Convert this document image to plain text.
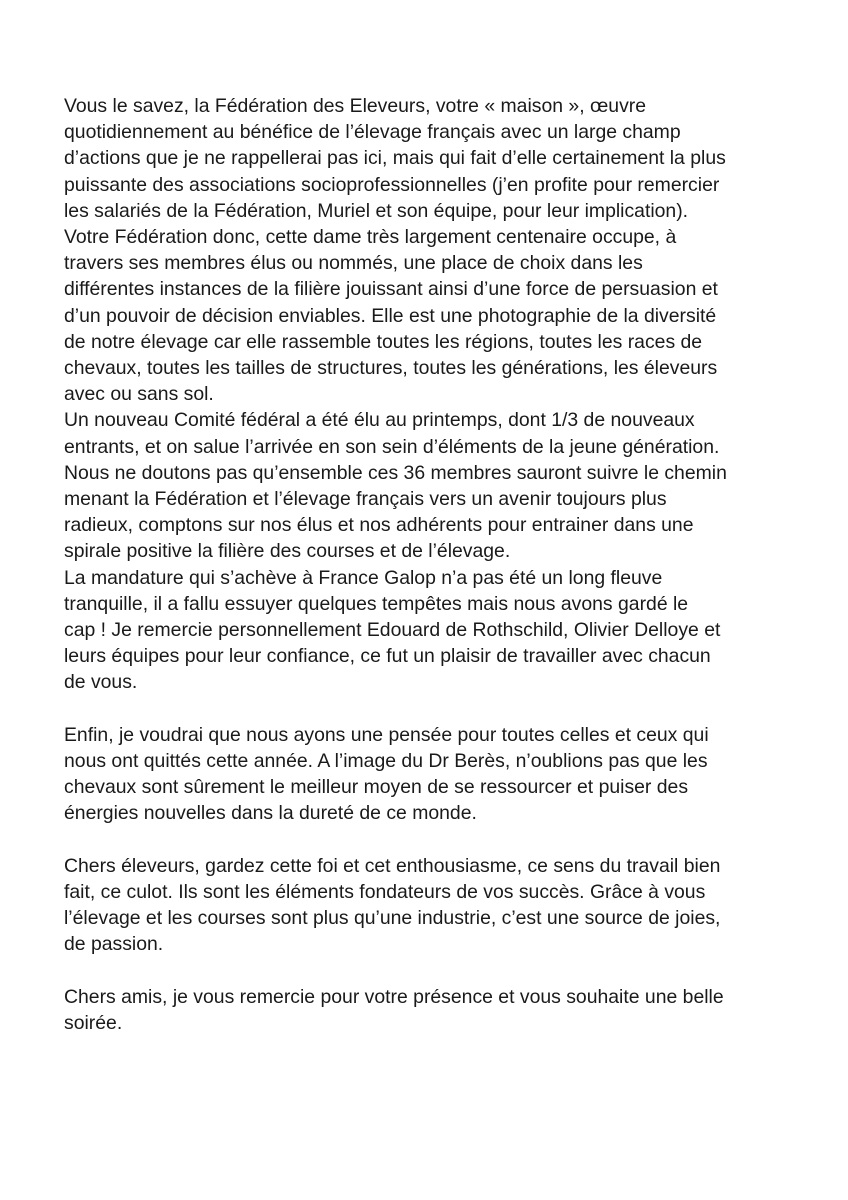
Vous le savez, la Fédération des Eleveurs, votre « maison », œuvre
quotidiennement au bénéfice de l’élevage français avec un large champ
d’actions que je ne rappellerai pas ici, mais qui fait d’elle certainement la plus
puissante des associations socioprofessionnelles (j’en profite pour remercier
les salariés de la Fédération, Muriel et son équipe, pour leur implication).
Votre Fédération donc, cette dame très largement centenaire occupe, à
travers ses membres élus ou nommés, une place de choix dans les
différentes instances de la filière jouissant ainsi d’une force de persuasion et
d’un pouvoir de décision enviables. Elle est une photographie de la diversité
de notre élevage car elle rassemble toutes les régions, toutes les races de
chevaux, toutes les tailles de structures, toutes les générations, les éleveurs
avec ou sans sol.
Un nouveau Comité fédéral a été élu au printemps, dont 1/3 de nouveaux
entrants, et on salue l’arrivée en son sein d’éléments de la jeune génération.
Nous ne doutons pas qu’ensemble ces 36 membres sauront suivre le chemin
menant la Fédération et l’élevage français vers un avenir toujours plus
radieux, comptons sur nos élus et nos adhérents pour entrainer dans une
spirale positive la filière des courses et de l’élevage.
La mandature qui s’achève à France Galop n’a pas été un long fleuve
tranquille, il a fallu essuyer quelques tempêtes mais nous avons gardé le
cap ! Je remercie personnellement Edouard de Rothschild, Olivier Delloye et
leurs équipes pour leur confiance, ce fut un plaisir de travailler avec chacun
de vous.
Enfin, je voudrai que nous ayons une pensée pour toutes celles et ceux qui
nous ont quittés cette année. A l’image du Dr Berès, n’oublions pas que les
chevaux sont sûrement le meilleur moyen de se ressourcer et puiser des
énergies nouvelles dans la dureté de ce monde.
Chers éleveurs, gardez cette foi et cet enthousiasme, ce sens du travail bien
fait, ce culot. Ils sont les éléments fondateurs de vos succès. Grâce à vous
l’élevage et les courses sont plus qu’une industrie, c’est une source de joies,
de passion.
Chers amis, je vous remercie pour votre présence et vous souhaite une belle
soirée.
